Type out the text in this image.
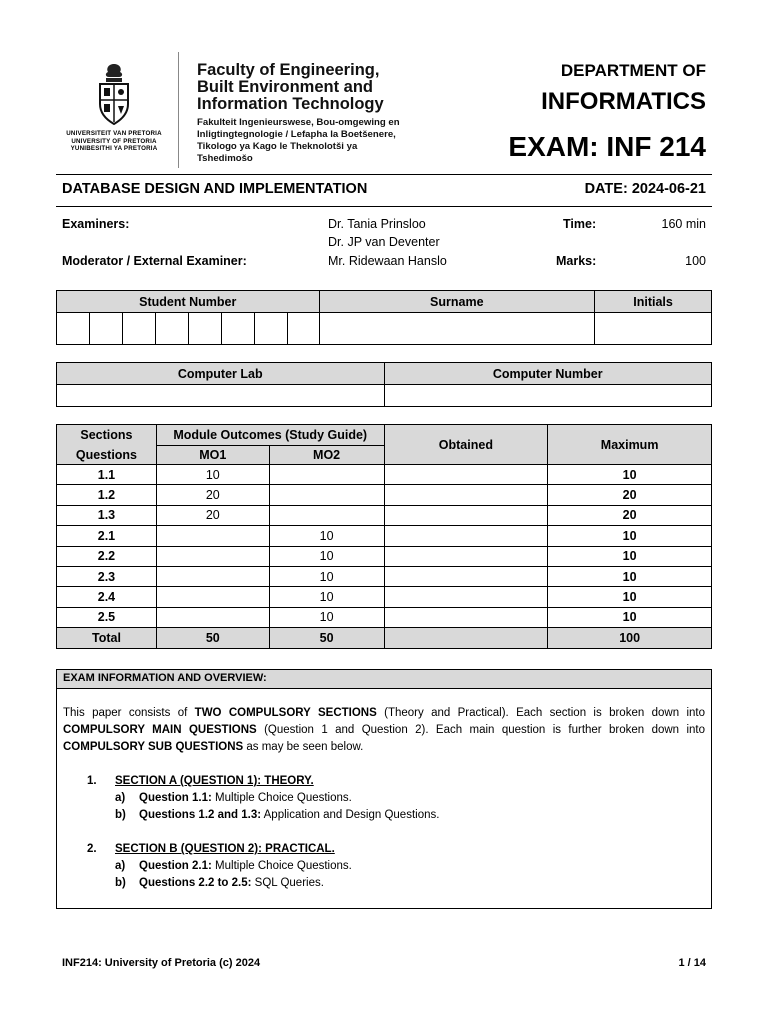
UNIVERSITEIT VAN PRETORIA
UNIVERSITY OF PRETORIA
YUNIBESITHI YA PRETORIA
Faculty of Engineering,
Built Environment and
Information Technology
Fakulteit Ingenieurswese, Bou-omgewing en
Inligtingtegnologie / Lefapha la Boetšenere,
Tikologo ya Kago le Theknolotši ya Tshedimošo
DEPARTMENT OF
INFORMATICS
EXAM: INF 214
DATABASE DESIGN AND IMPLEMENTATION	DATE: 2024-06-21
Examiners:	Dr. Tania Prinsloo
Dr. JP van Deventer
Moderator / External Examiner:	Mr. Ridewaan Hanslo
Time:	160 min
Marks:	100
Student Number								Surname	Initials

Computer Lab	Computer Number

Sections	Module Outcomes (Study Guide)		Obtained	Maximum
Questions	MO1	MO2		
1.1	10			10
1.2	20			20
1.3	20			20
2.1		10		10
2.2		10		10
2.3		10		10
2.4		10		10
2.5		10		10
Total	50	50		100
EXAM INFORMATION AND OVERVIEW:
This paper consists of TWO COMPULSORY SECTIONS (Theory and Practical). Each section is broken down into COMPULSORY MAIN QUESTIONS (Question 1 and Question 2). Each main question is further broken down into COMPULSORY SUB QUESTIONS as may be seen below.
1.	SECTION A (QUESTION 1): THEORY.
a)	Question 1.1: Multiple Choice Questions.
b)	Questions 1.2 and 1.3: Application and Design Questions.
2.	SECTION B (QUESTION 2): PRACTICAL.
a)	Question 2.1: Multiple Choice Questions.
b)	Questions 2.2 to 2.5: SQL Queries.
INF214: University of Pretoria (c) 2024	1 / 14
